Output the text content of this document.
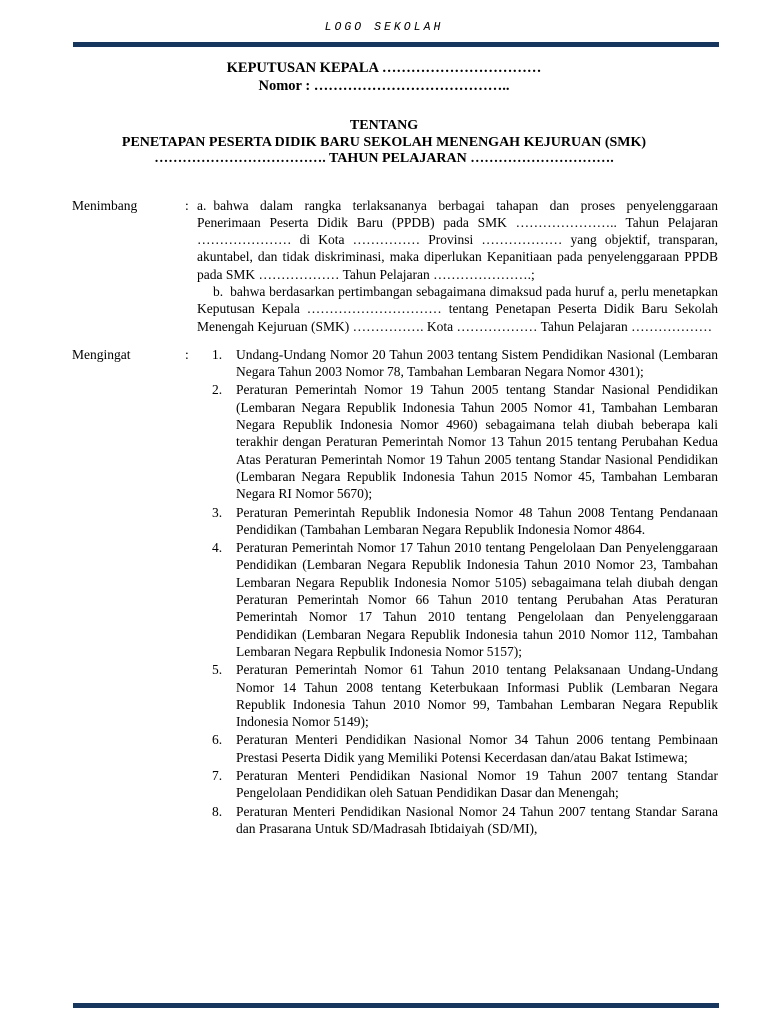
LOGO SEKOLAH
KEPUTUSAN KEPALA ……………………………
Nomor : …………………………………..
TENTANG
PENETAPAN PESERTA DIDIK BARU SEKOLAH MENENGAH KEJURUAN (SMK)
………………………………. TAHUN PELAJARAN ………………………….
Menimbang	: a. bahwa dalam rangka terlaksananya berbagai tahapan dan proses penyelenggaraan Penerimaan Peserta Didik Baru (PPDB) pada SMK ………………….. Tahun Pelajaran ………………… di Kota …………… Provinsi ……………… yang objektif, transparan, akuntabel, dan tidak diskriminasi, maka diperlukan Kepanitiaan pada penyelenggaraan PPDB pada SMK ……………… Tahun Pelajaran ………………….;

b. bahwa berdasarkan pertimbangan sebagaimana dimaksud pada huruf a, perlu menetapkan Keputusan Kepala ………………………… tentang Penetapan Peserta Didik Baru Sekolah Menengah Kejuruan (SMK) ……………. Kota ……………… Tahun Pelajaran ………………

Mengingat	:	1. Undang-Undang Nomor 20 Tahun 2003 tentang Sistem Pendidikan Nasional (Lembaran Negara Tahun 2003 Nomor 78, Tambahan Lembaran Negara Nomor 4301);
2. Peraturan Pemerintah Nomor 19 Tahun 2005 tentang Standar Nasional Pendidikan (Lembaran Negara Republik Indonesia Tahun 2005 Nomor 41, Tambahan Lembaran Negara Republik Indonesia Nomor 4960) sebagaimana telah diubah beberapa kali terakhir dengan Peraturan Pemerintah Nomor 13 Tahun 2015 tentang Perubahan Kedua Atas Peraturan Pemerintah Nomor 19 Tahun 2005 tentang Standar Nasional Pendidikan (Lembaran Negara Republik Indonesia Tahun 2015 Nomor 45, Tambahan Lembaran Negara RI Nomor 5670);
3. Peraturan Pemerintah Republik Indonesia Nomor 48 Tahun 2008 Tentang Pendanaan Pendidikan (Tambahan Lembaran Negara Republik Indonesia Nomor 4864.
4. Peraturan Pemerintah Nomor 17 Tahun 2010 tentang Pengelolaan Dan Penyelenggaraan Pendidikan (Lembaran Negara Republik Indonesia Tahun 2010 Nomor 23, Tambahan Lembaran Negara Republik Indonesia Nomor 5105) sebagaimana telah diubah dengan Peraturan Pemerintah Nomor 66 Tahun 2010 tentang Perubahan Atas Peraturan Pemerintah Nomor 17 Tahun 2010 tentang Pengelolaan dan Penyelenggaraan Pendidikan (Lembaran Negara Republik Indonesia tahun 2010 Nomor 112, Tambahan Lembaran Negara Repbulik Indonesia Nomor 5157);
5. Peraturan Pemerintah Nomor 61 Tahun 2010 tentang Pelaksanaan Undang-Undang Nomor 14 Tahun 2008 tentang Keterbukaan Informasi Publik (Lembaran Negara Republik Indonesia Tahun 2010 Nomor 99, Tambahan Lembaran Negara Republik Indonesia Nomor 5149);
6. Peraturan Menteri Pendidikan Nasional Nomor 34 Tahun 2006 tentang Pembinaan Prestasi Peserta Didik yang Memiliki Potensi Kecerdasan dan/atau Bakat Istimewa;
7. Peraturan Menteri Pendidikan Nasional Nomor 19 Tahun 2007 tentang Standar Pengelolaan Pendidikan oleh Satuan Pendidikan Dasar dan Menengah;
8. Peraturan Menteri Pendidikan Nasional Nomor 24 Tahun 2007 tentang Standar Sarana dan Prasarana Untuk SD/Madrasah Ibtidaiyah (SD/MI),
